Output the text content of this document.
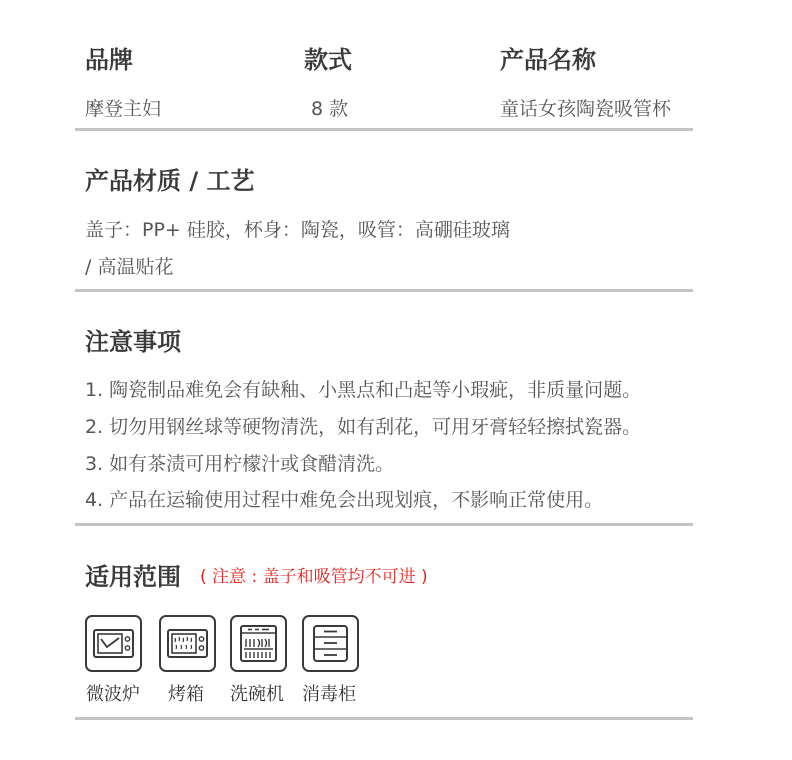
品牌	款式	产品名称
摩登主妇	8 款	童话女孩陶瓷吸管杯
产品材质 / 工艺
盖子：PP+ 硅胶，杯身：陶瓷，吸管：高硼硅玻璃
/ 高温贴花
注意事项
1. 陶瓷制品难免会有缺釉、小黑点和凸起等小瑕疵，非质量问题。
2. 切勿用钢丝球等硬物清洗，如有刮花，可用牙膏轻轻擦拭瓷器。
3. 如有茶渍可用柠檬汁或食醋清洗。
4. 产品在运输使用过程中难免会出现划痕，不影响正常使用。
适用范围 ( 注意 : 盖子和吸管均不可进 )
微波炉 烤箱 洗碗机 消毒柜
